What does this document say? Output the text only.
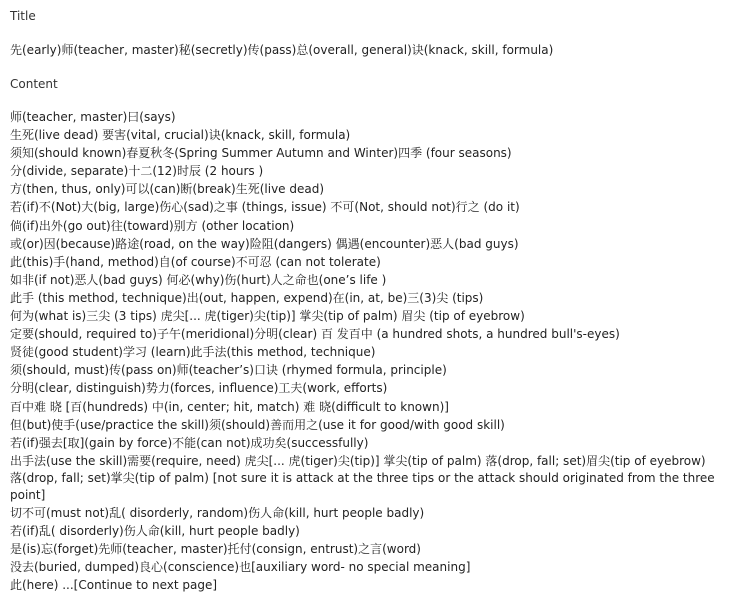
Title
先(early)师(teacher, master)秘(secretly)传(pass)总(overall, general)诀(knack, skill, formula)
Content
师(teacher, master)曰(says)
生死(live dead) 要害(vital, crucial)诀(knack, skill, formula)
须知(should known)春夏秋冬(Spring Summer Autumn and Winter)四季 (four seasons)
分(divide, separate)十二(12)时辰 (2 hours )
方(then, thus, only)可以(can)断(break)生死(live dead)
若(if)不(Not)大(big, large)伤心(sad)之事 (things, issue) 不可(Not, should not)行之 (do it)
倘(if)出外(go out)往(toward)别方 (other location)
或(or)因(because)路途(road, on the way)险阻(dangers) 偶遇(encounter)恶人(bad guys)
此(this)手(hand, method)自(of course)不可忍 (can not tolerate)
如非(if not)恶人(bad guys) 何必(why)伤(hurt)人之命也(one’s life )
此手 (this method, technique)出(out, happen, expend)在(in, at, be)三(3)尖 (tips)
何为(what is)三尖 (3 tips) 虎尖[... 虎(tiger)尖(tip)] 掌尖(tip of palm) 眉尖 (tip of eyebrow)
定要(should, required to)子午(meridional)分明(clear) 百 发百中 (a hundred shots, a hundred bull's-eyes)
贤徒(good student)学习 (learn)此手法(this method, technique)
须(should, must)传(pass on)师(teacher’s)口诀 (rhymed formula, principle)
分明(clear, distinguish)势力(forces, influence)工夫(work, efforts)
百中难 晓 [百(hundreds) 中(in, center; hit, match) 难 晓(difficult to known)]
但(but)使手(use/practice the skill)须(should)善而用之(use it for good/with good skill)
若(if)强去[取](gain by force)不能(can not)成功矣(successfully)
出手法(use the skill)需要(require, need) 虎尖[... 虎(tiger)尖(tip)] 掌尖(tip of palm) 落(drop, fall; set)眉尖(tip of eyebrow)
落(drop, fall; set)掌尖(tip of palm) [not sure it is attack at the three tips or the attack should originated from the three point]
切不可(must not)乱( disorderly, random)伤人命(kill, hurt people badly)
若(if)乱( disorderly)伤人命(kill, hurt people badly)
是(is)忘(forget)先师(teacher, master)托付(consign, entrust)之言(word)
没去(buried, dumped)良心(conscience)也[auxiliary word- no special meaning]
此(here) ...[Continue to next page]
